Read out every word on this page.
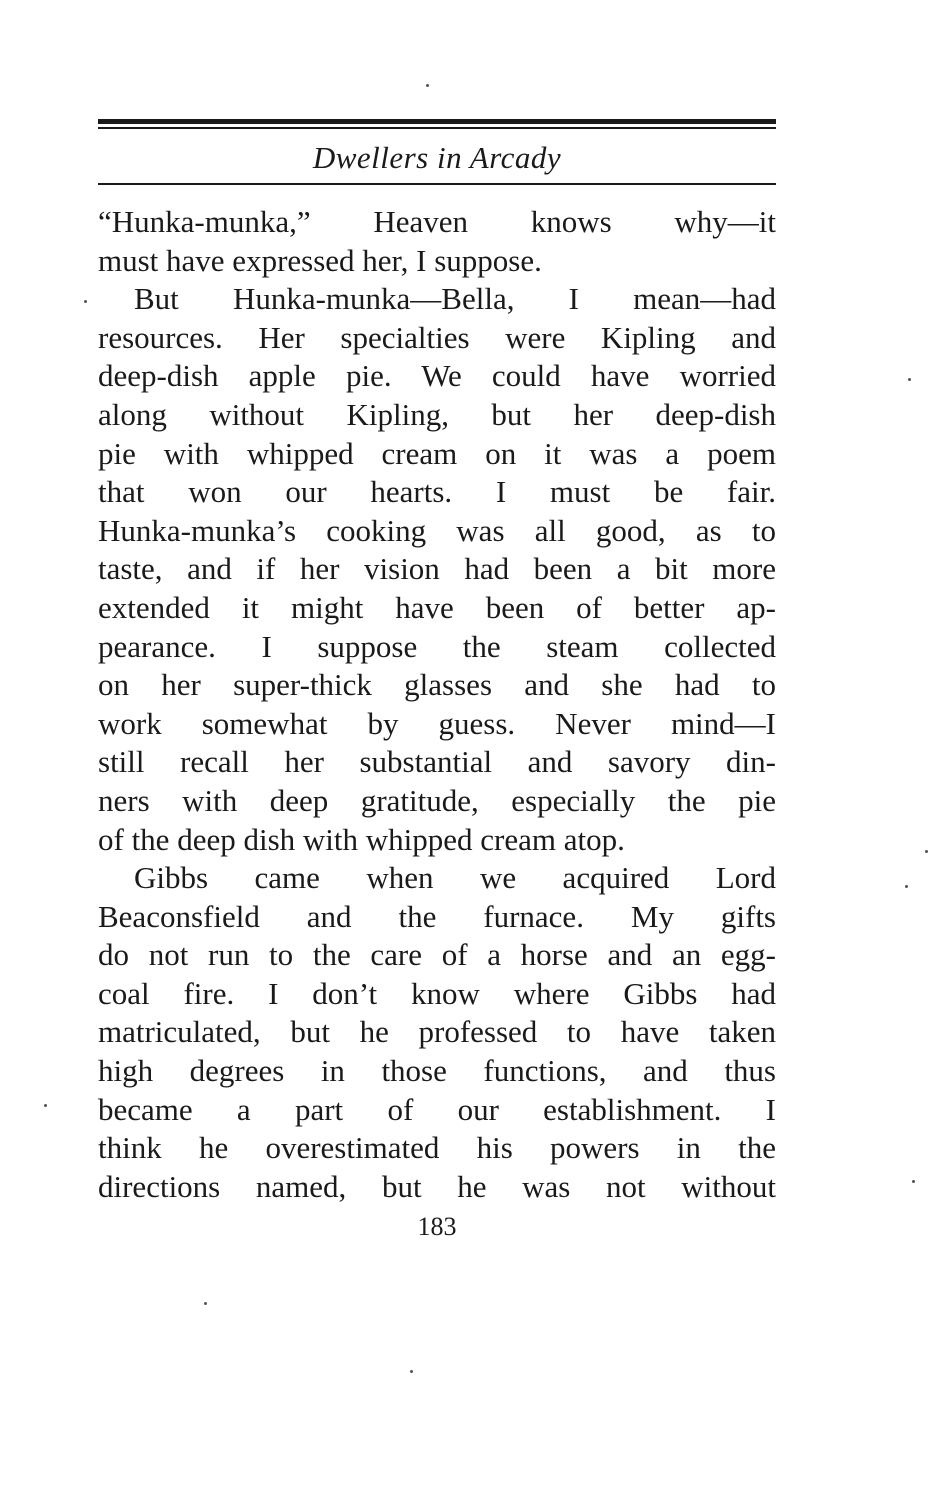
Dwellers in Arcady
“Hunka-munka,” Heaven knows why—it
must have expressed her, I suppose.
But Hunka-munka—Bella, I mean—had
resources. Her specialties were Kipling and
deep-dish apple pie. We could have worried
along without Kipling, but her deep-dish
pie with whipped cream on it was a poem
that won our hearts. I must be fair.
Hunka-munka’s cooking was all good, as to
taste, and if her vision had been a bit more
extended it might have been of better ap-
pearance. I suppose the steam collected
on her super-thick glasses and she had to
work somewhat by guess. Never mind—I
still recall her substantial and savory din-
ners with deep gratitude, especially the pie
of the deep dish with whipped cream atop.
Gibbs came when we acquired Lord
Beaconsfield and the furnace. My gifts
do not run to the care of a horse and an egg-
coal fire. I don’t know where Gibbs had
matriculated, but he professed to have taken
high degrees in those functions, and thus
became a part of our establishment. I
think he overestimated his powers in the
directions named, but he was not without
183
